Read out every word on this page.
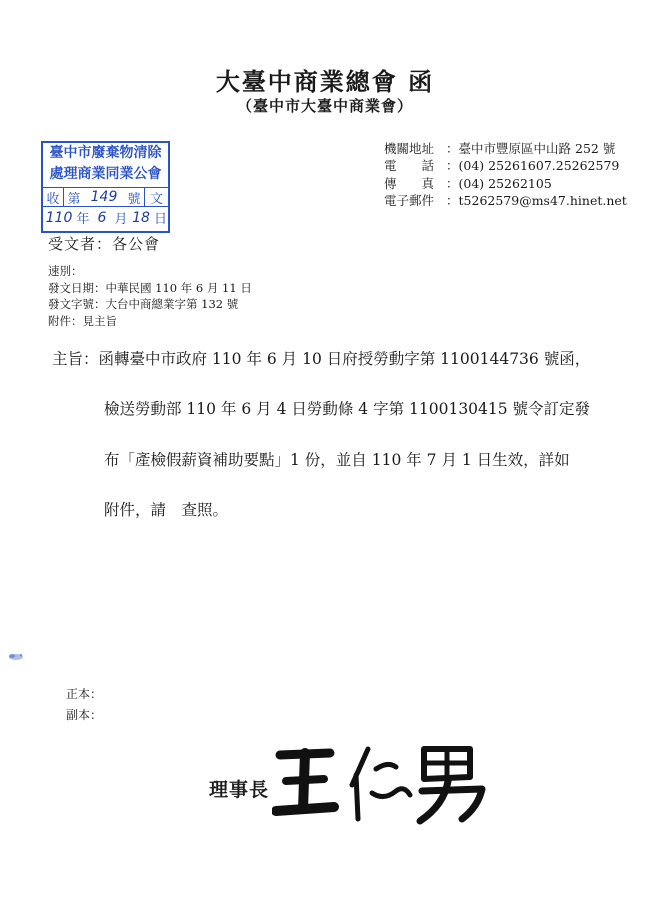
大臺中商業總會 函
（臺中市大臺中商業會）
臺中市廢棄物清除
處理商業同業公會
收 第 149 號 文
110 年 6 月 18 日
機關地址 ： 臺中市豐原區中山路 252 號
電　　話 ： (04) 25261607.25262579
傳　　真 ： (04) 25262105
電子郵件 ： t5262579@ms47.hinet.net
受文者：各公會
速別：
發文日期：中華民國 110 年 6 月 11 日
發文字號：大台中商總業字第 132 號
附件：見主旨
主旨：函轉臺中市政府 110 年 6 月 10 日府授勞動字第 1100144736 號函，
檢送勞動部 110 年 6 月 4 日勞動條 4 字第 1100130415 號令訂定發
布「產檢假薪資補助要點」1 份，並自 110 年 7 月 1 日生效，詳如
附件，請　查照。
正本：
副本：
理事長
